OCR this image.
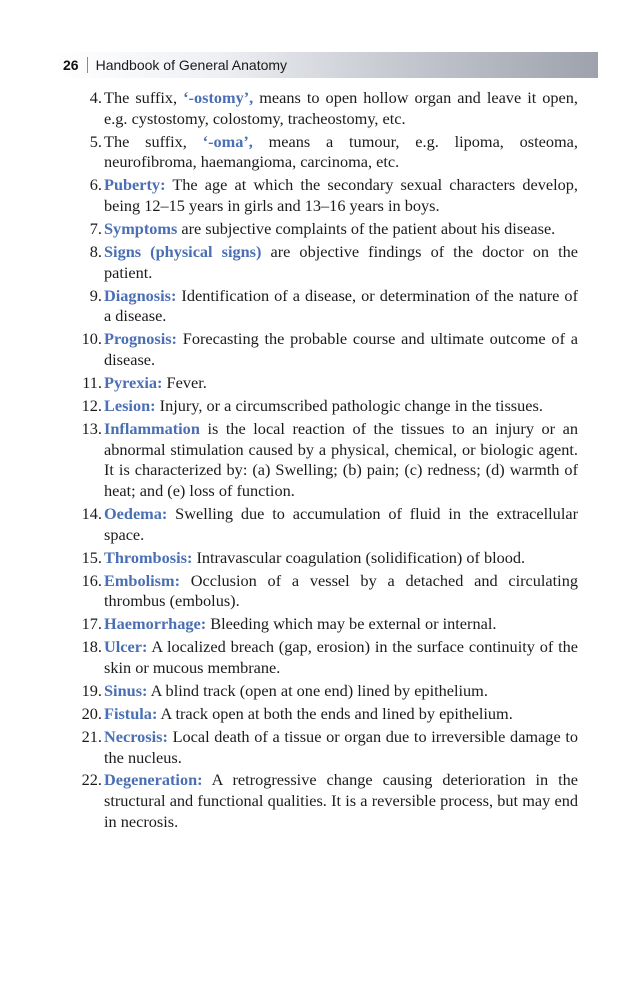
26	Handbook of General Anatomy
4. The suffix, ‘-ostomy’, means to open hollow organ and leave it open, e.g. cystostomy, colostomy, tracheostomy, etc.
5. The suffix, ‘-oma’, means a tumour, e.g. lipoma, osteoma, neurofibroma, haemangioma, carcinoma, etc.
6. Puberty: The age at which the secondary sexual characters develop, being 12–15 years in girls and 13–16 years in boys.
7. Symptoms are subjective complaints of the patient about his disease.
8. Signs (physical signs) are objective findings of the doctor on the patient.
9. Diagnosis: Identification of a disease, or determination of the nature of a disease.
10. Prognosis: Forecasting the probable course and ultimate outcome of a disease.
11. Pyrexia: Fever.
12. Lesion: Injury, or a circumscribed pathologic change in the tissues.
13. Inflammation is the local reaction of the tissues to an injury or an abnormal stimulation caused by a physical, chemical, or biologic agent. It is characterized by: (a) Swelling; (b) pain; (c) redness; (d) warmth of heat; and (e) loss of function.
14. Oedema: Swelling due to accumulation of fluid in the extracellular space.
15. Thrombosis: Intravascular coagulation (solidification) of blood.
16. Embolism: Occlusion of a vessel by a detached and circulating thrombus (embolus).
17. Haemorrhage: Bleeding which may be external or internal.
18. Ulcer: A localized breach (gap, erosion) in the surface continuity of the skin or mucous membrane.
19. Sinus: A blind track (open at one end) lined by epithelium.
20. Fistula: A track open at both the ends and lined by epithelium.
21. Necrosis: Local death of a tissue or organ due to irreversible damage to the nucleus.
22. Degeneration: A retrogressive change causing deterioration in the structural and functional qualities. It is a reversible process, but may end in necrosis.
